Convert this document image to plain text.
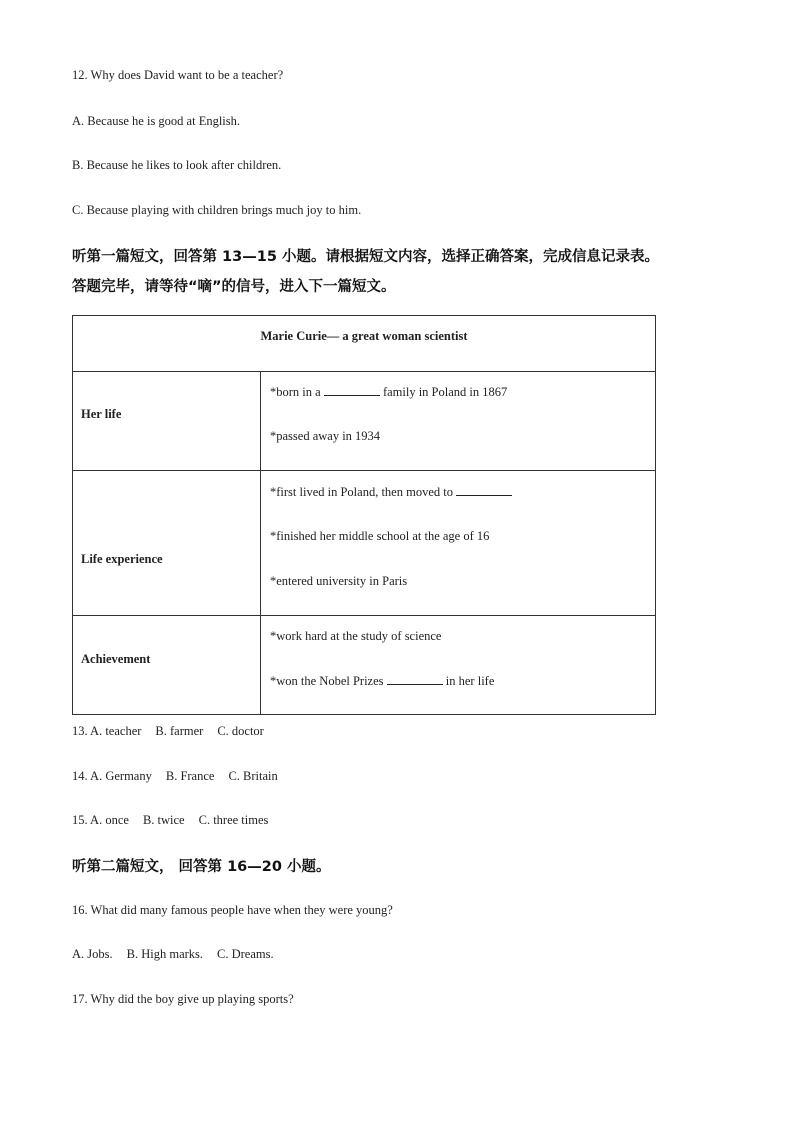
12. Why does David want to be a teacher?
A. Because he is good at English.
B. Because he likes to look after children.
C. Because playing with children brings much joy to him.
听第一篇短文，回答第 13—15 小题。请根据短文内容，选择正确答案，完成信息记录表。
答题完毕，请等待“嘀”的信号，进入下一篇短文。
Marie Curie— a great woman scientist
Her life
*born in a	family in Poland in 1867
*passed away in 1934
Life experience
*first lived in Poland, then moved to
*finished her middle school at the age of 16
*entered university in Paris
Achievement
*work hard at the study of science
*won the Nobel Prizes	in her life
13. A. teacher B. farmer C. doctor
14. A. Germany B. France C. Britain
15. A. once B. twice C. three times
听第二篇短文， 回答第 16—20 小题。
16. What did many famous people have when they were young?
A. Jobs. B. High marks. C. Dreams.
17. Why did the boy give up playing sports?
